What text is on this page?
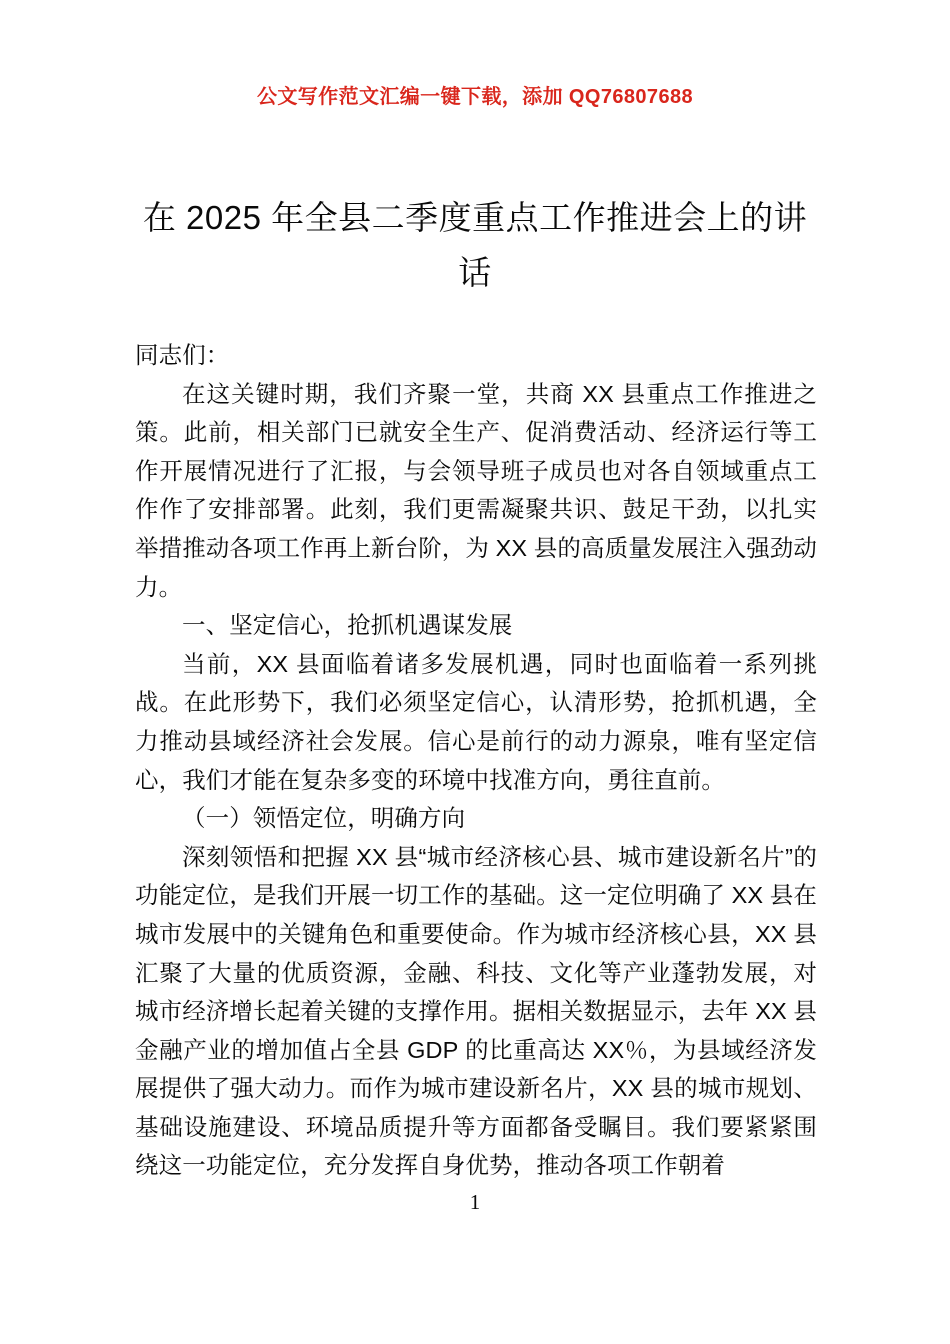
公文写作范文汇编一键下载，添加 QQ76807688
在 2025 年全县二季度重点工作推进会上的讲话

同志们：

在这关键时期，我们齐聚一堂，共商 XX 县重点工作推进之策。此前，相关部门已就安全生产、促消费活动、经济运行等工作开展情况进行了汇报，与会领导班子成员也对各自领域重点工作作了安排部署。此刻，我们更需凝聚共识、鼓足干劲，以扎实举措推动各项工作再上新台阶，为 XX 县的高质量发展注入强劲动力。

一、坚定信心，抢抓机遇谋发展

当前，XX 县面临着诸多发展机遇，同时也面临着一系列挑战。在此形势下，我们必须坚定信心，认清形势，抢抓机遇，全力推动县域经济社会发展。信心是前行的动力源泉，唯有坚定信心，我们才能在复杂多变的环境中找准方向，勇往直前。

（一）领悟定位，明确方向

深刻领悟和把握 XX 县“城市经济核心县、城市建设新名片”的功能定位，是我们开展一切工作的基础。这一定位明确了 XX 县在城市发展中的关键角色和重要使命。作为城市经济核心县，XX 县汇聚了大量的优质资源，金融、科技、文化等产业蓬勃发展，对城市经济增长起着关键的支撑作用。据相关数据显示，去年 XX 县金融产业的增加值占全县 GDP 的比重高达 XX％，为县域经济发展提供了强大动力。而作为城市建设新名片，XX 县的城市规划、基础设施建设、环境品质提升等方面都备受瞩目。我们要紧紧围绕这一功能定位，充分发挥自身优势，推动各项工作朝着

1
